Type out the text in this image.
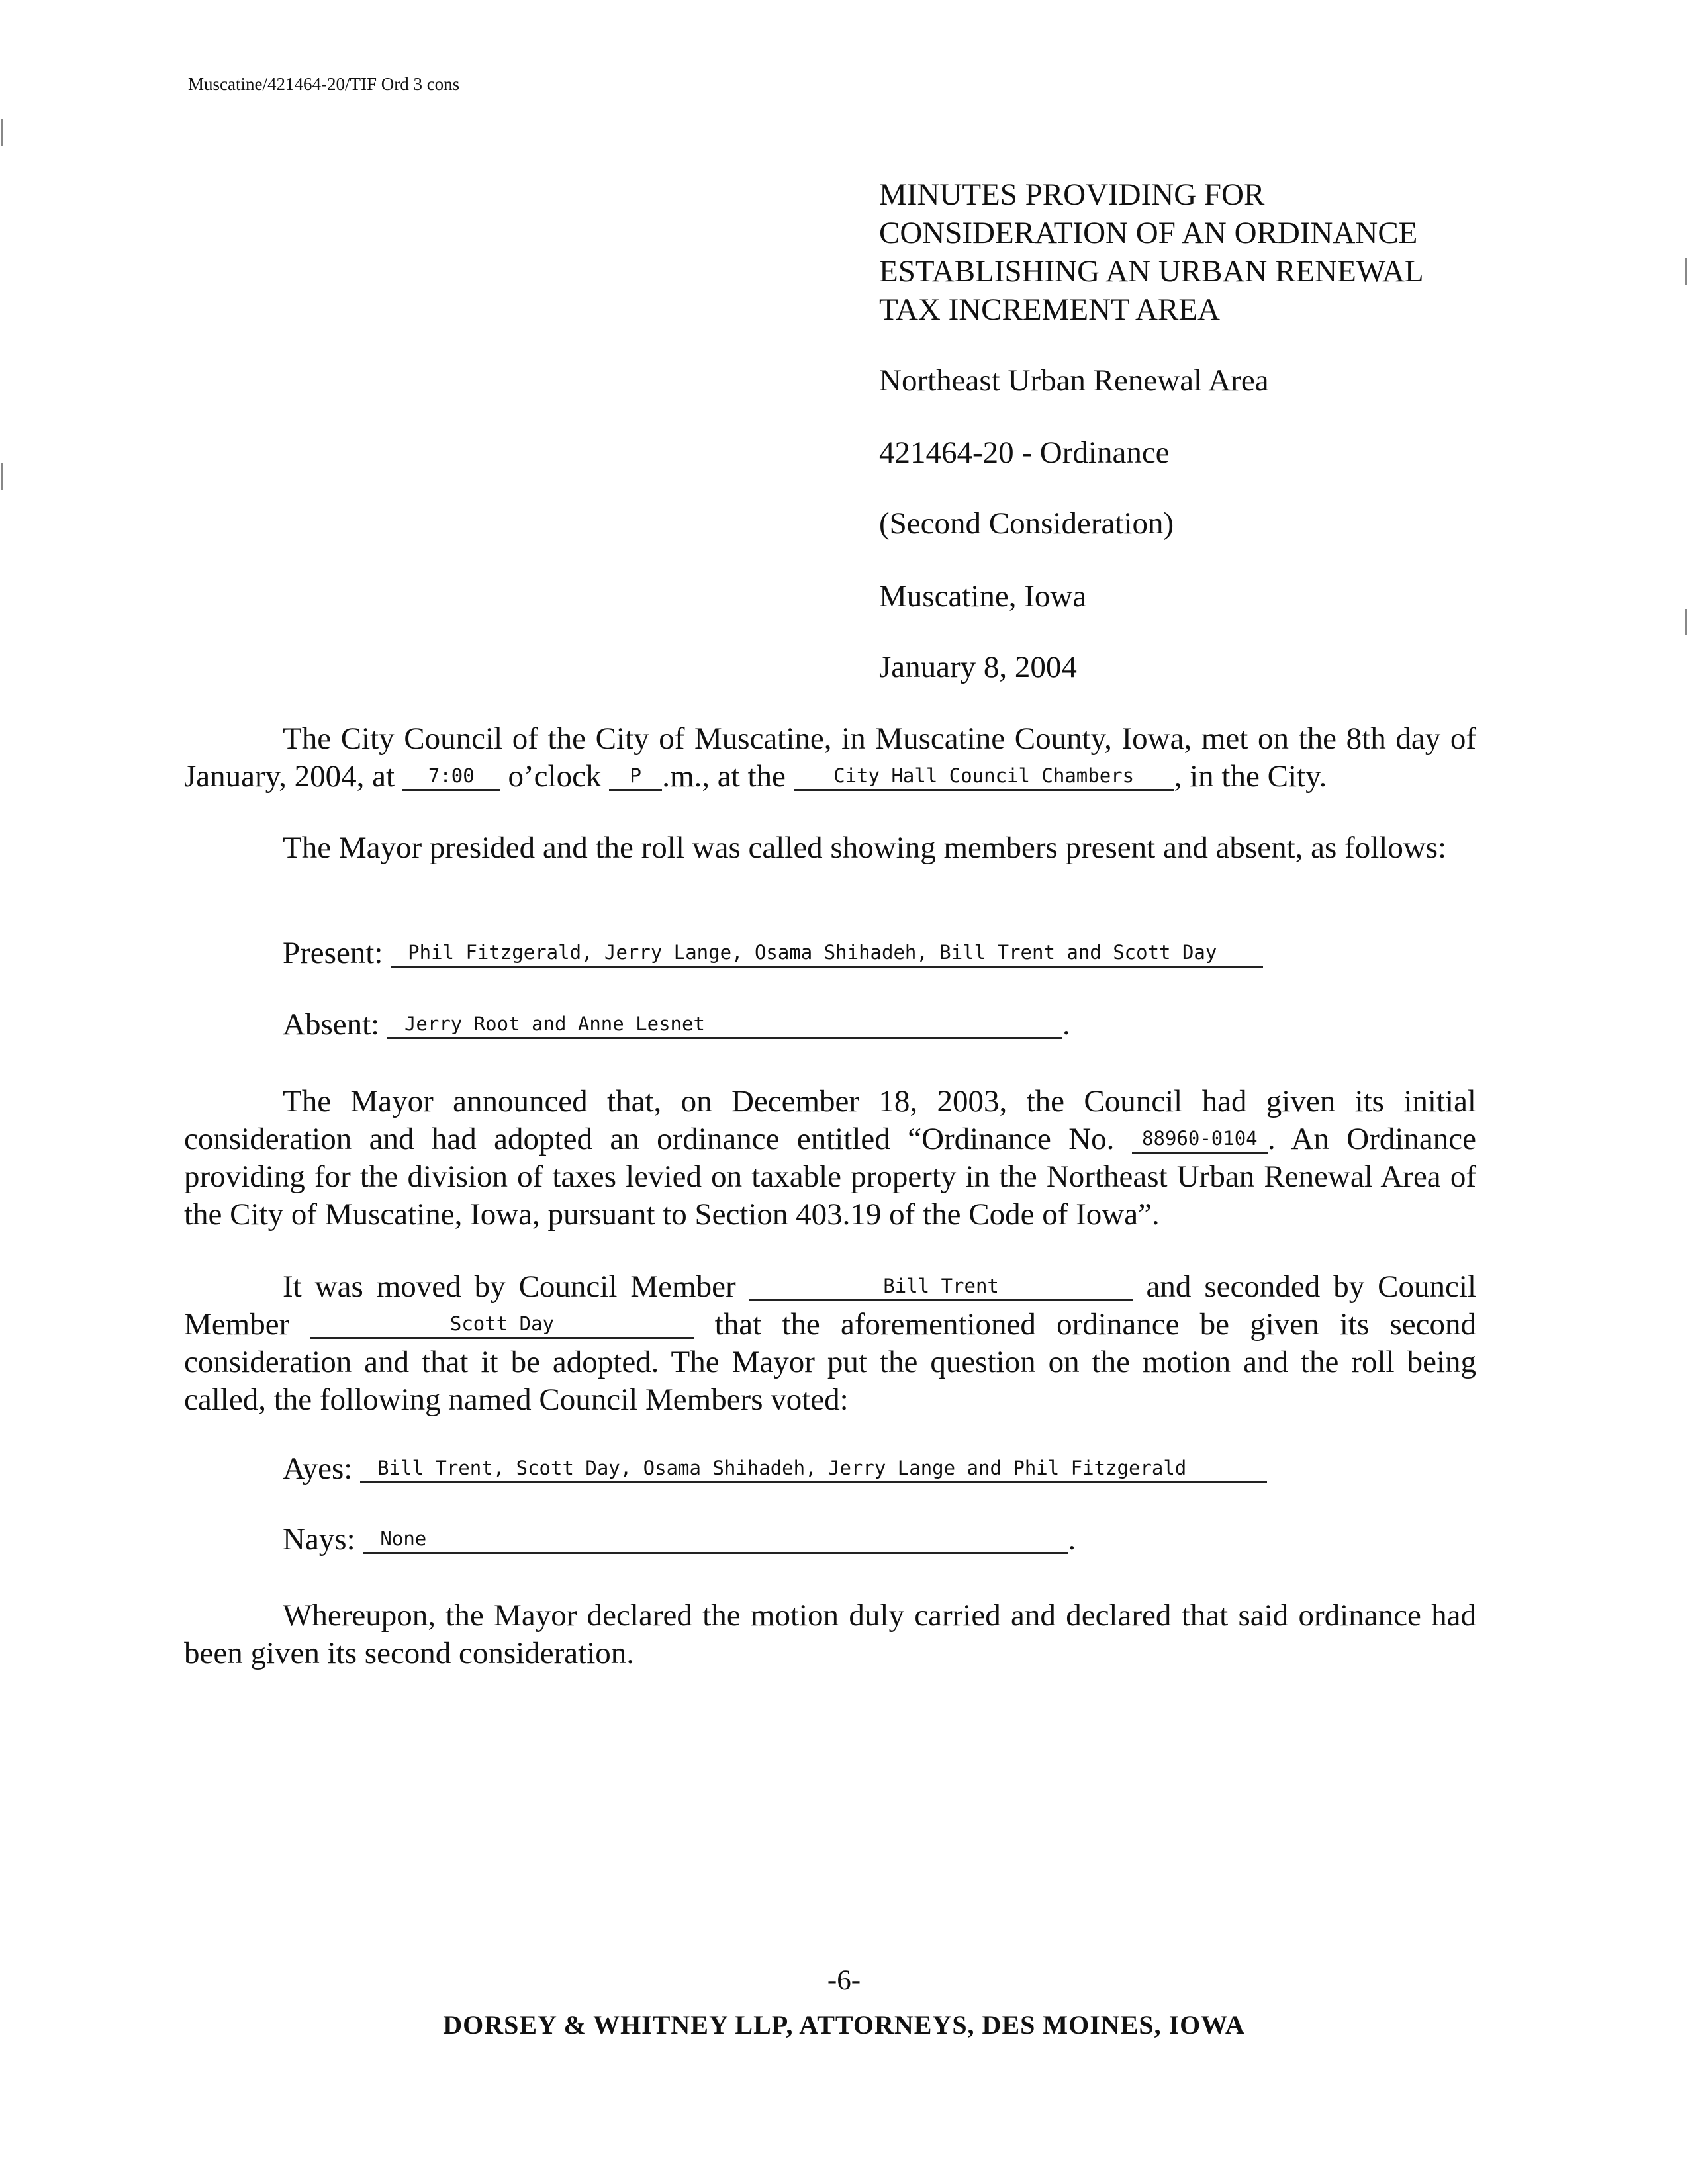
Muscatine/421464-20/TIF Ord 3 cons
MINUTES PROVIDING FOR
CONSIDERATION OF AN ORDINANCE
ESTABLISHING AN URBAN RENEWAL
TAX INCREMENT AREA
Northeast Urban Renewal Area
421464-20 - Ordinance
(Second Consideration)
Muscatine, Iowa
January 8, 2004
The City Council of the City of Muscatine, in Muscatine County, Iowa, met on the 8th day of January, 2004, at 7:00 o’clock P .m., at the City Hall Council Chambers , in the City.
The Mayor presided and the roll was called showing members present and absent, as follows:
Present: Phil Fitzgerald, Jerry Lange, Osama Shihadeh, Bill Trent and Scott Day
Absent: Jerry Root and Anne Lesnet	.
The Mayor announced that, on December 18, 2003, the Council had given its initial consideration and had adopted an ordinance entitled “Ordinance No. 88960-0104 . An Ordinance providing for the division of taxes levied on taxable property in the Northeast Urban Renewal Area of the City of Muscatine, Iowa, pursuant to Section 403.19 of the Code of Iowa”.
It was moved by Council Member	Bill Trent	and seconded by Council Member	Scott Day	that the aforementioned ordinance be given its second consideration and that it be adopted. The Mayor put the question on the motion and the roll being called, the following named Council Members voted:
Ayes: Bill Trent, Scott Day, Osama Shihadeh, Jerry Lange and Phil Fitzgerald
Nays: None	.
Whereupon, the Mayor declared the motion duly carried and declared that said ordinance had been given its second consideration.
-6-
DORSEY & WHITNEY LLP, ATTORNEYS, DES MOINES, IOWA
